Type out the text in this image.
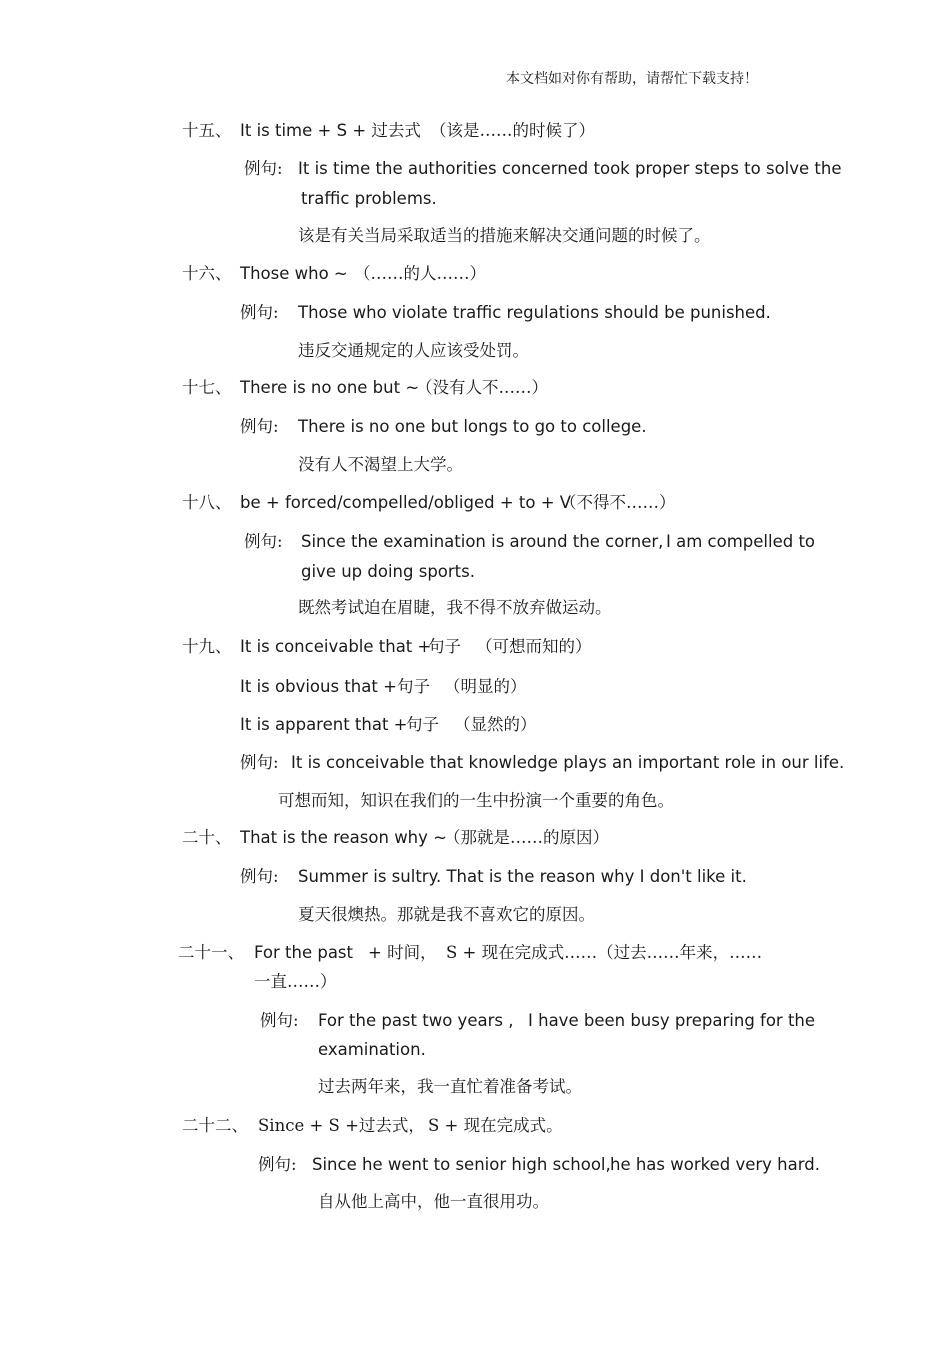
本文档如对你有帮助，请帮忙下载支持！
十五、 It is time + S + 过去式 （该是……的时候了）
例句: It is time the authorities concerned took proper steps to solve the
traffic problems.
该是有关当局采取适当的措施来解决交通问题的时候了。
十六、 Those who ~ （……的人……）
例句: Those who violate traffic regulations should be punished.
违反交通规定的人应该受处罚。
十七、 There is no one but ~
（没有人不……）
例句: There is no one but longs to go to college.
没有人不渴望上大学。
十八、 be + forced/compelled/obliged + to + V
（不得不……）
例句: Since the examination is around the corner, I am compelled to
give up doing sports.
既然考试迫在眉睫，我不得不放弃做运动。
十九、 It is conceivable that +
句子 （可想而知的）
It is obvious that + 句子 （明显的）
It is apparent that +
句子 （显然的）
例句: It is conceivable that knowledge plays an important role in our life.
可想而知，知识在我们的一生中扮演一个重要的角色。
二十、 That is the reason why ~
（那就是……的原因）
例句: Summer is sultry. That is the reason why I don't like it.
夏天很燠热。那就是我不喜欢它的原因。
二十一、 For the past + 时间， S + 现在完成式……（过去……年来，……
一直……）
例句: For the past two years , I have been busy preparing for the
examination.
过去两年来，我一直忙着准备考试。
二十二、 Since + S +过去式， S + 现在完成式。
例句: Since he went to senior high school, he has worked very hard.
自从他上高中，他一直很用功。
